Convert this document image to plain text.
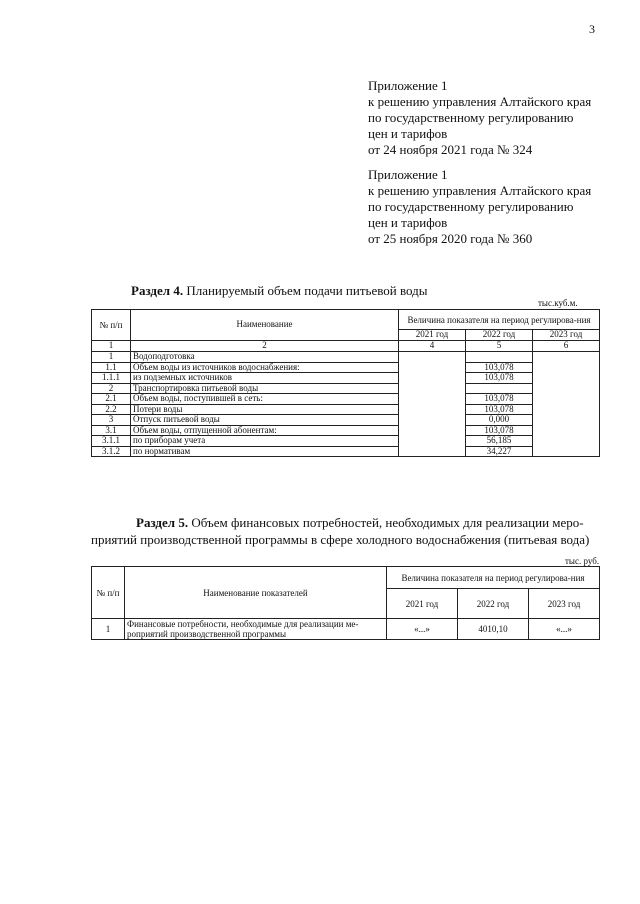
3
Приложение 1
к решению управления Алтайского края
по государственному регулированию
цен и тарифов
от 24 ноября 2021 года № 324
Приложение 1
к решению управления Алтайского края
по государственному регулированию
цен и тарифов
от 25 ноября 2020 года № 360
Раздел 4. Планируемый объем подачи питьевой воды
тыс.куб.м.
№ п/п	Наименование	Величина показателя на период регулирова-ния		
		2021 год	2022 год	2023 год
1	2	4	5	6
1	Водоподготовка			
1.1	Объем воды из источников водоснабжения:		103,078	
1.1.1	из подземных источников		103,078	
2	Транспортировка питьевой воды			
2.1	Объем воды, поступившей в сеть:		103,078	
2.2	Потери воды		103,078	
3	Отпуск питьевой воды		0,000	
3.1	Объем воды, отпущенной абонентам:		103,078	
3.1.1	по приборам учета		56,185	
3.1.2	по нормативам		34,227	
Раздел 5. Объем финансовых потребностей, необходимых для реализации меро-
приятий производственной программы в сфере холодного водоснабжения (питьевая вода)
тыс. руб.
№ п/п	Наименование показателей	Величина показателя на период регулирова-ния		
		2021 год	2022 год	2023 год
1	Финансовые потребности, необходимые для реализации ме-роприятий производственной программы	«...»	4010,10	«...»
